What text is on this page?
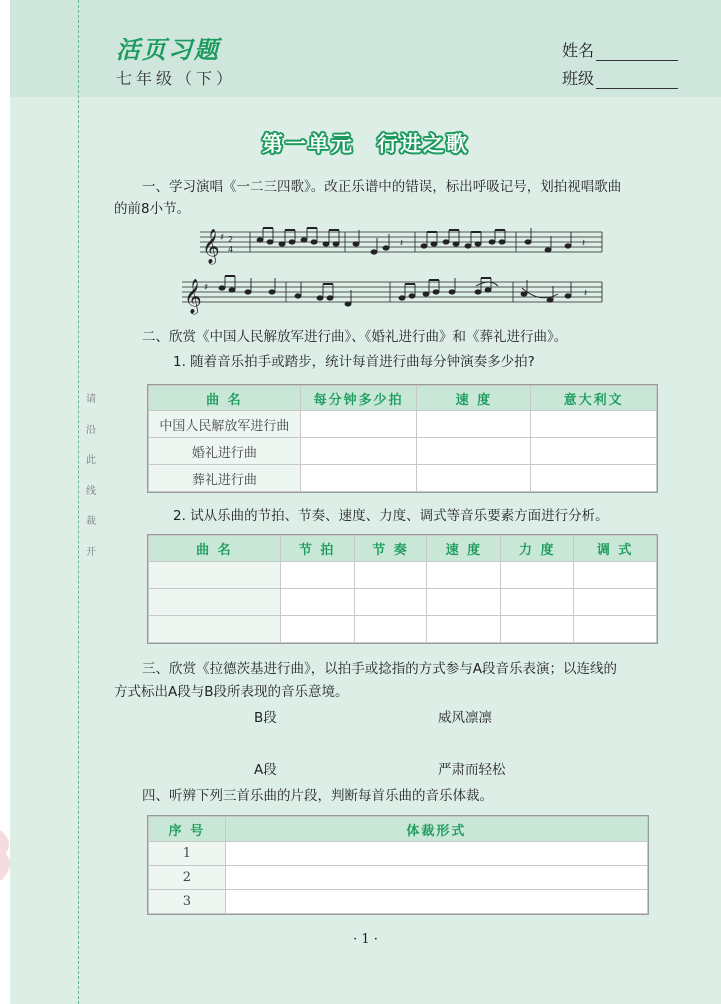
活页习题
七年级（下）
姓名
班级
第一单元　行进之歌
一、学习演唱《一二三四歌》。改正乐谱中的错误，标出呼吸记号，划拍视唱歌曲
的前8小节。
𝄞
𝄞
♯
♯
2
4
𝄽	𝄽
𝄽
二、欣赏《中国人民解放军进行曲》、《婚礼进行曲》和《葬礼进行曲》。
1. 随着音乐拍手或踏步，统计每首进行曲每分钟演奏多少拍?
曲 名	每分钟多少拍	速 度	意大利文
中国人民解放军进行曲			
婚礼进行曲			
葬礼进行曲			
2. 试从乐曲的节拍、节奏、速度、力度、调式等音乐要素方面进行分析。
曲 名	节 拍	节 奏	速 度	力 度	调 式

三、欣赏《拉德茨基进行曲》，以拍手或捻指的方式参与A段音乐表演；以连线的
方式标出A段与B段所表现的音乐意境。
B段	威风凛凛
A段	严肃而轻松
四、听辨下列三首乐曲的片段，判断每首乐曲的音乐体裁。
序 号	体裁形式
1	
2	
3	
请
沿
此
线
裁
开
· 1 ·
